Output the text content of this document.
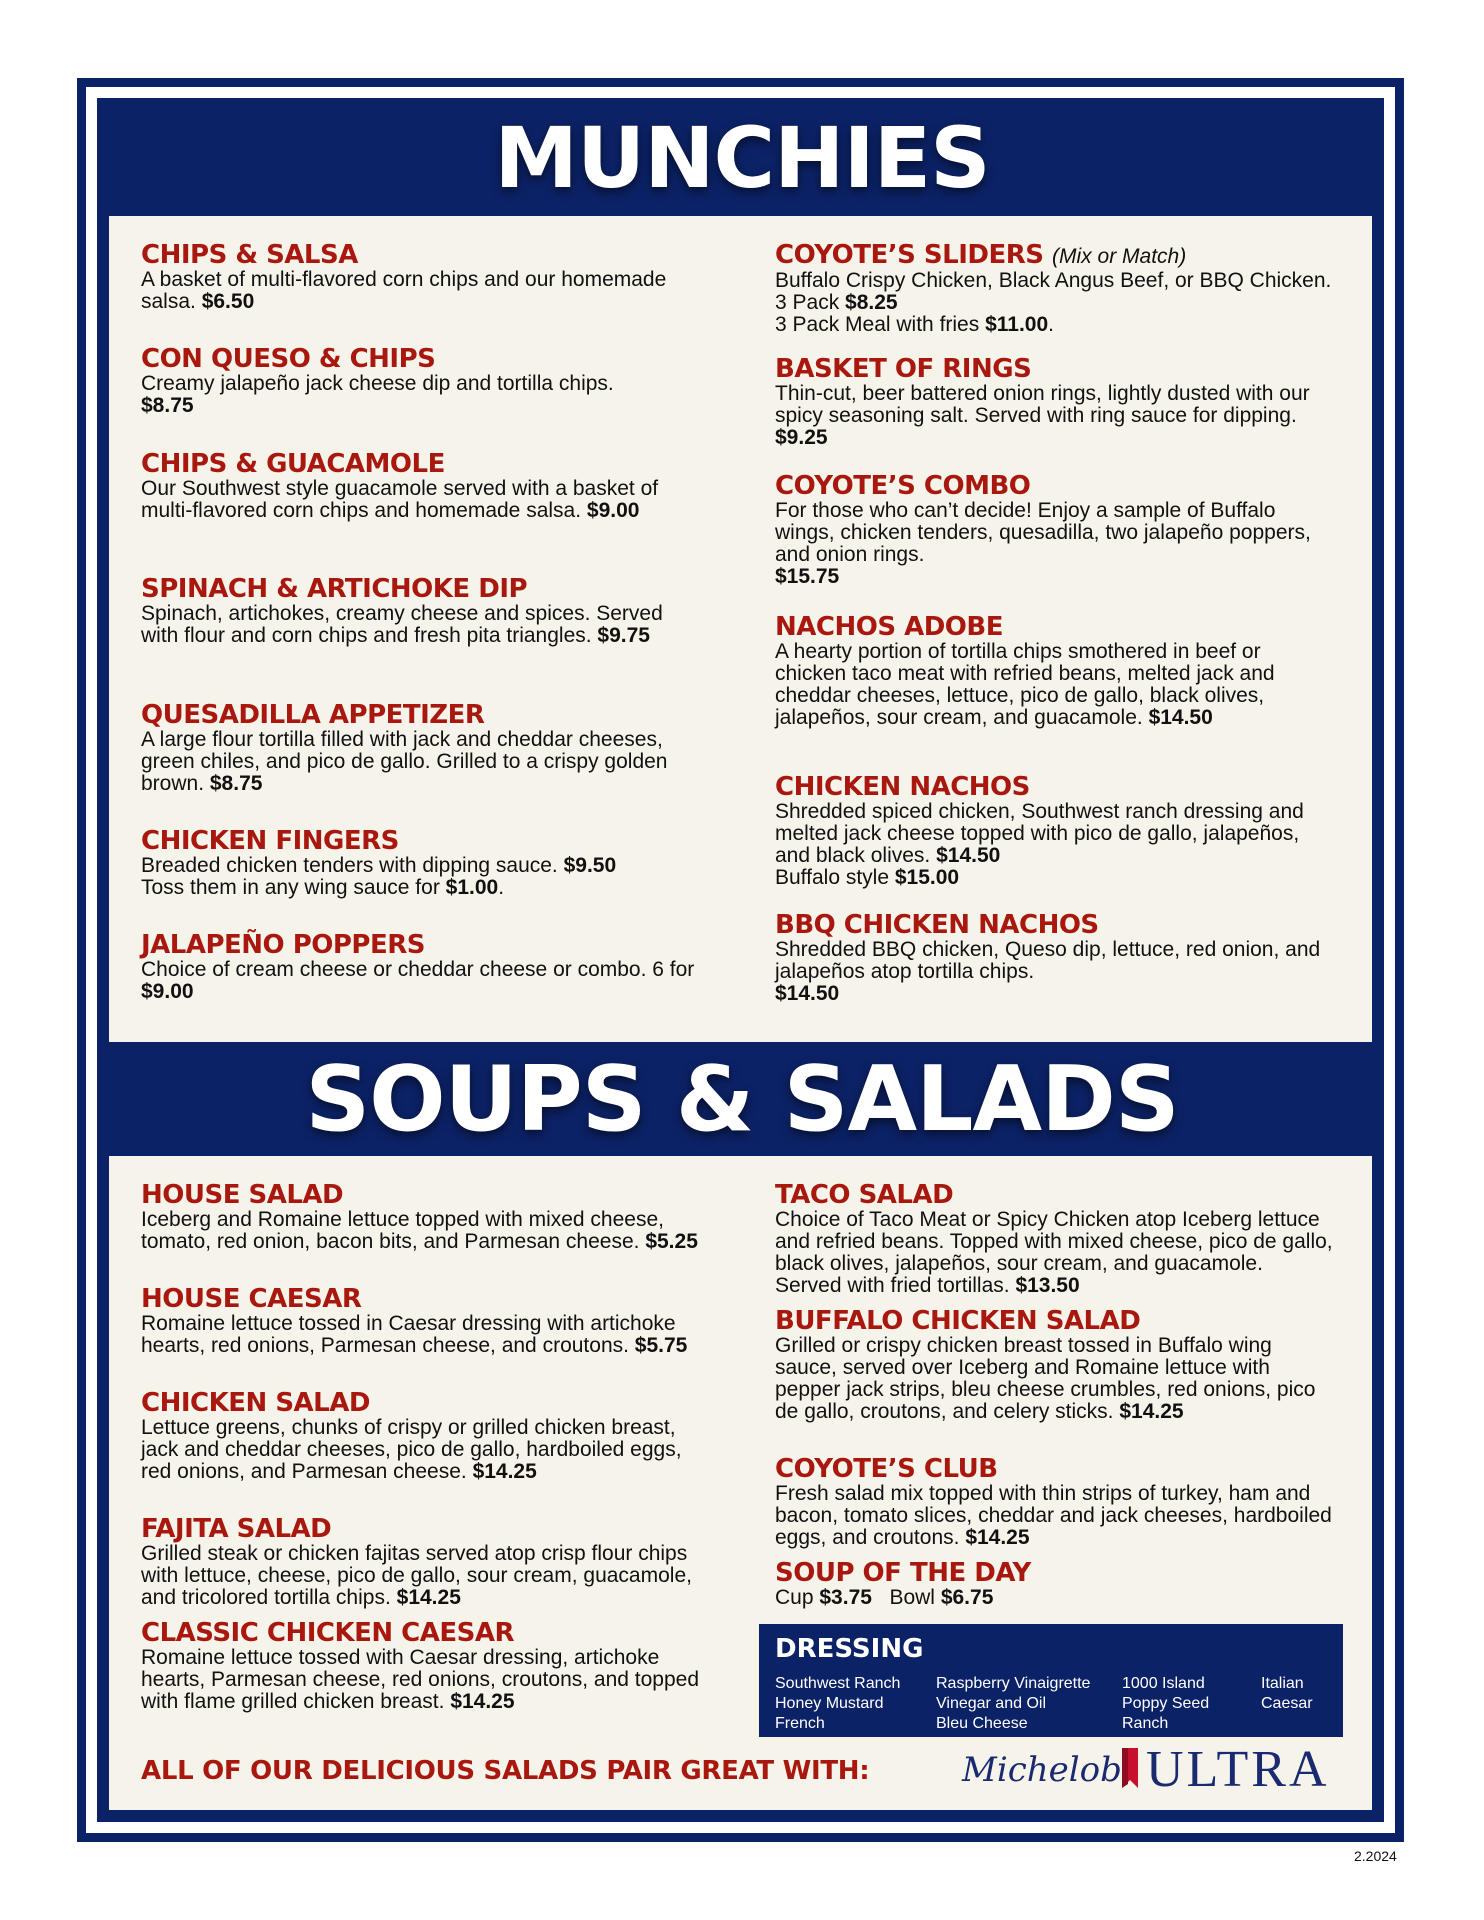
MUNCHIES
SOUPS & SALADS
CHIPS & SALSA
A basket of multi-flavored corn chips and our homemade salsa. $6.50
CON QUESO & CHIPS
Creamy jalapeño jack cheese dip and tortilla chips.
$8.75
CHIPS & GUACAMOLE
Our Southwest style guacamole served with a basket of multi-flavored corn chips and homemade salsa. $9.00
SPINACH & ARTICHOKE DIP
Spinach, artichokes, creamy cheese and spices. Served with flour and corn chips and fresh pita triangles. $9.75
QUESADILLA APPETIZER
A large flour tortilla filled with jack and cheddar cheeses, green chiles, and pico de gallo. Grilled to a crispy golden brown. $8.75
CHICKEN FINGERS
Breaded chicken tenders with dipping sauce. $9.50
Toss them in any wing sauce for $1.00.
JALAPEÑO POPPERS
Choice of cream cheese or cheddar cheese or combo. 6 for $9.00
COYOTE’S SLIDERS (Mix or Match)
Buffalo Crispy Chicken, Black Angus Beef, or BBQ Chicken. 3 Pack $8.25
3 Pack Meal with fries $11.00.
BASKET OF RINGS
Thin-cut, beer battered onion rings, lightly dusted with our spicy seasoning salt. Served with ring sauce for dipping. $9.25
COYOTE’S COMBO
For those who can’t decide! Enjoy a sample of Buffalo wings, chicken tenders, quesadilla, two jalapeño poppers, and onion rings.
$15.75
NACHOS ADOBE
A hearty portion of tortilla chips smothered in beef or chicken taco meat with refried beans, melted jack and cheddar cheeses, lettuce, pico de gallo, black olives, jalapeños, sour cream, and guacamole. $14.50
CHICKEN NACHOS
Shredded spiced chicken, Southwest ranch dressing and melted jack cheese topped with pico de gallo, jalapeños, and black olives. $14.50
Buffalo style $15.00
BBQ CHICKEN NACHOS
Shredded BBQ chicken, Queso dip, lettuce, red onion, and jalapeños atop tortilla chips.
$14.50
HOUSE SALAD
Iceberg and Romaine lettuce topped with mixed cheese, tomato, red onion, bacon bits, and Parmesan cheese. $5.25
HOUSE CAESAR
Romaine lettuce tossed in Caesar dressing with artichoke hearts, red onions, Parmesan cheese, and croutons. $5.75
CHICKEN SALAD
Lettuce greens, chunks of crispy or grilled chicken breast, jack and cheddar cheeses, pico de gallo, hardboiled eggs, red onions, and Parmesan cheese. $14.25
FAJITA SALAD
Grilled steak or chicken fajitas served atop crisp flour chips with lettuce, cheese, pico de gallo, sour cream, guacamole, and tricolored tortilla chips. $14.25
CLASSIC CHICKEN CAESAR
Romaine lettuce tossed with Caesar dressing, artichoke hearts, Parmesan cheese, red onions, croutons, and topped with flame grilled chicken breast. $14.25
TACO SALAD
Choice of Taco Meat or Spicy Chicken atop Iceberg lettuce and refried beans. Topped with mixed cheese, pico de gallo, black olives, jalapeños, sour cream, and guacamole. Served with fried tortillas. $13.50
BUFFALO CHICKEN SALAD
Grilled or crispy chicken breast tossed in Buffalo wing sauce, served over Iceberg and Romaine lettuce with pepper jack strips, bleu cheese crumbles, red onions, pico de gallo, croutons, and celery sticks. $14.25
COYOTE’S CLUB
Fresh salad mix topped with thin strips of turkey, ham and bacon, tomato slices, cheddar and jack cheeses, hardboiled eggs, and croutons. $14.25
SOUP OF THE DAY
Cup $3.75 Bowl $6.75
DRESSING
Southwest Ranch
Honey Mustard
French
Raspberry Vinaigrette
Vinegar and Oil
Bleu Cheese
1000 Island
Poppy Seed
Ranch
Italian
Caesar
ALL OF OUR DELICIOUS SALADS PAIR GREAT WITH:	Michelob ULTRA
2.2024
